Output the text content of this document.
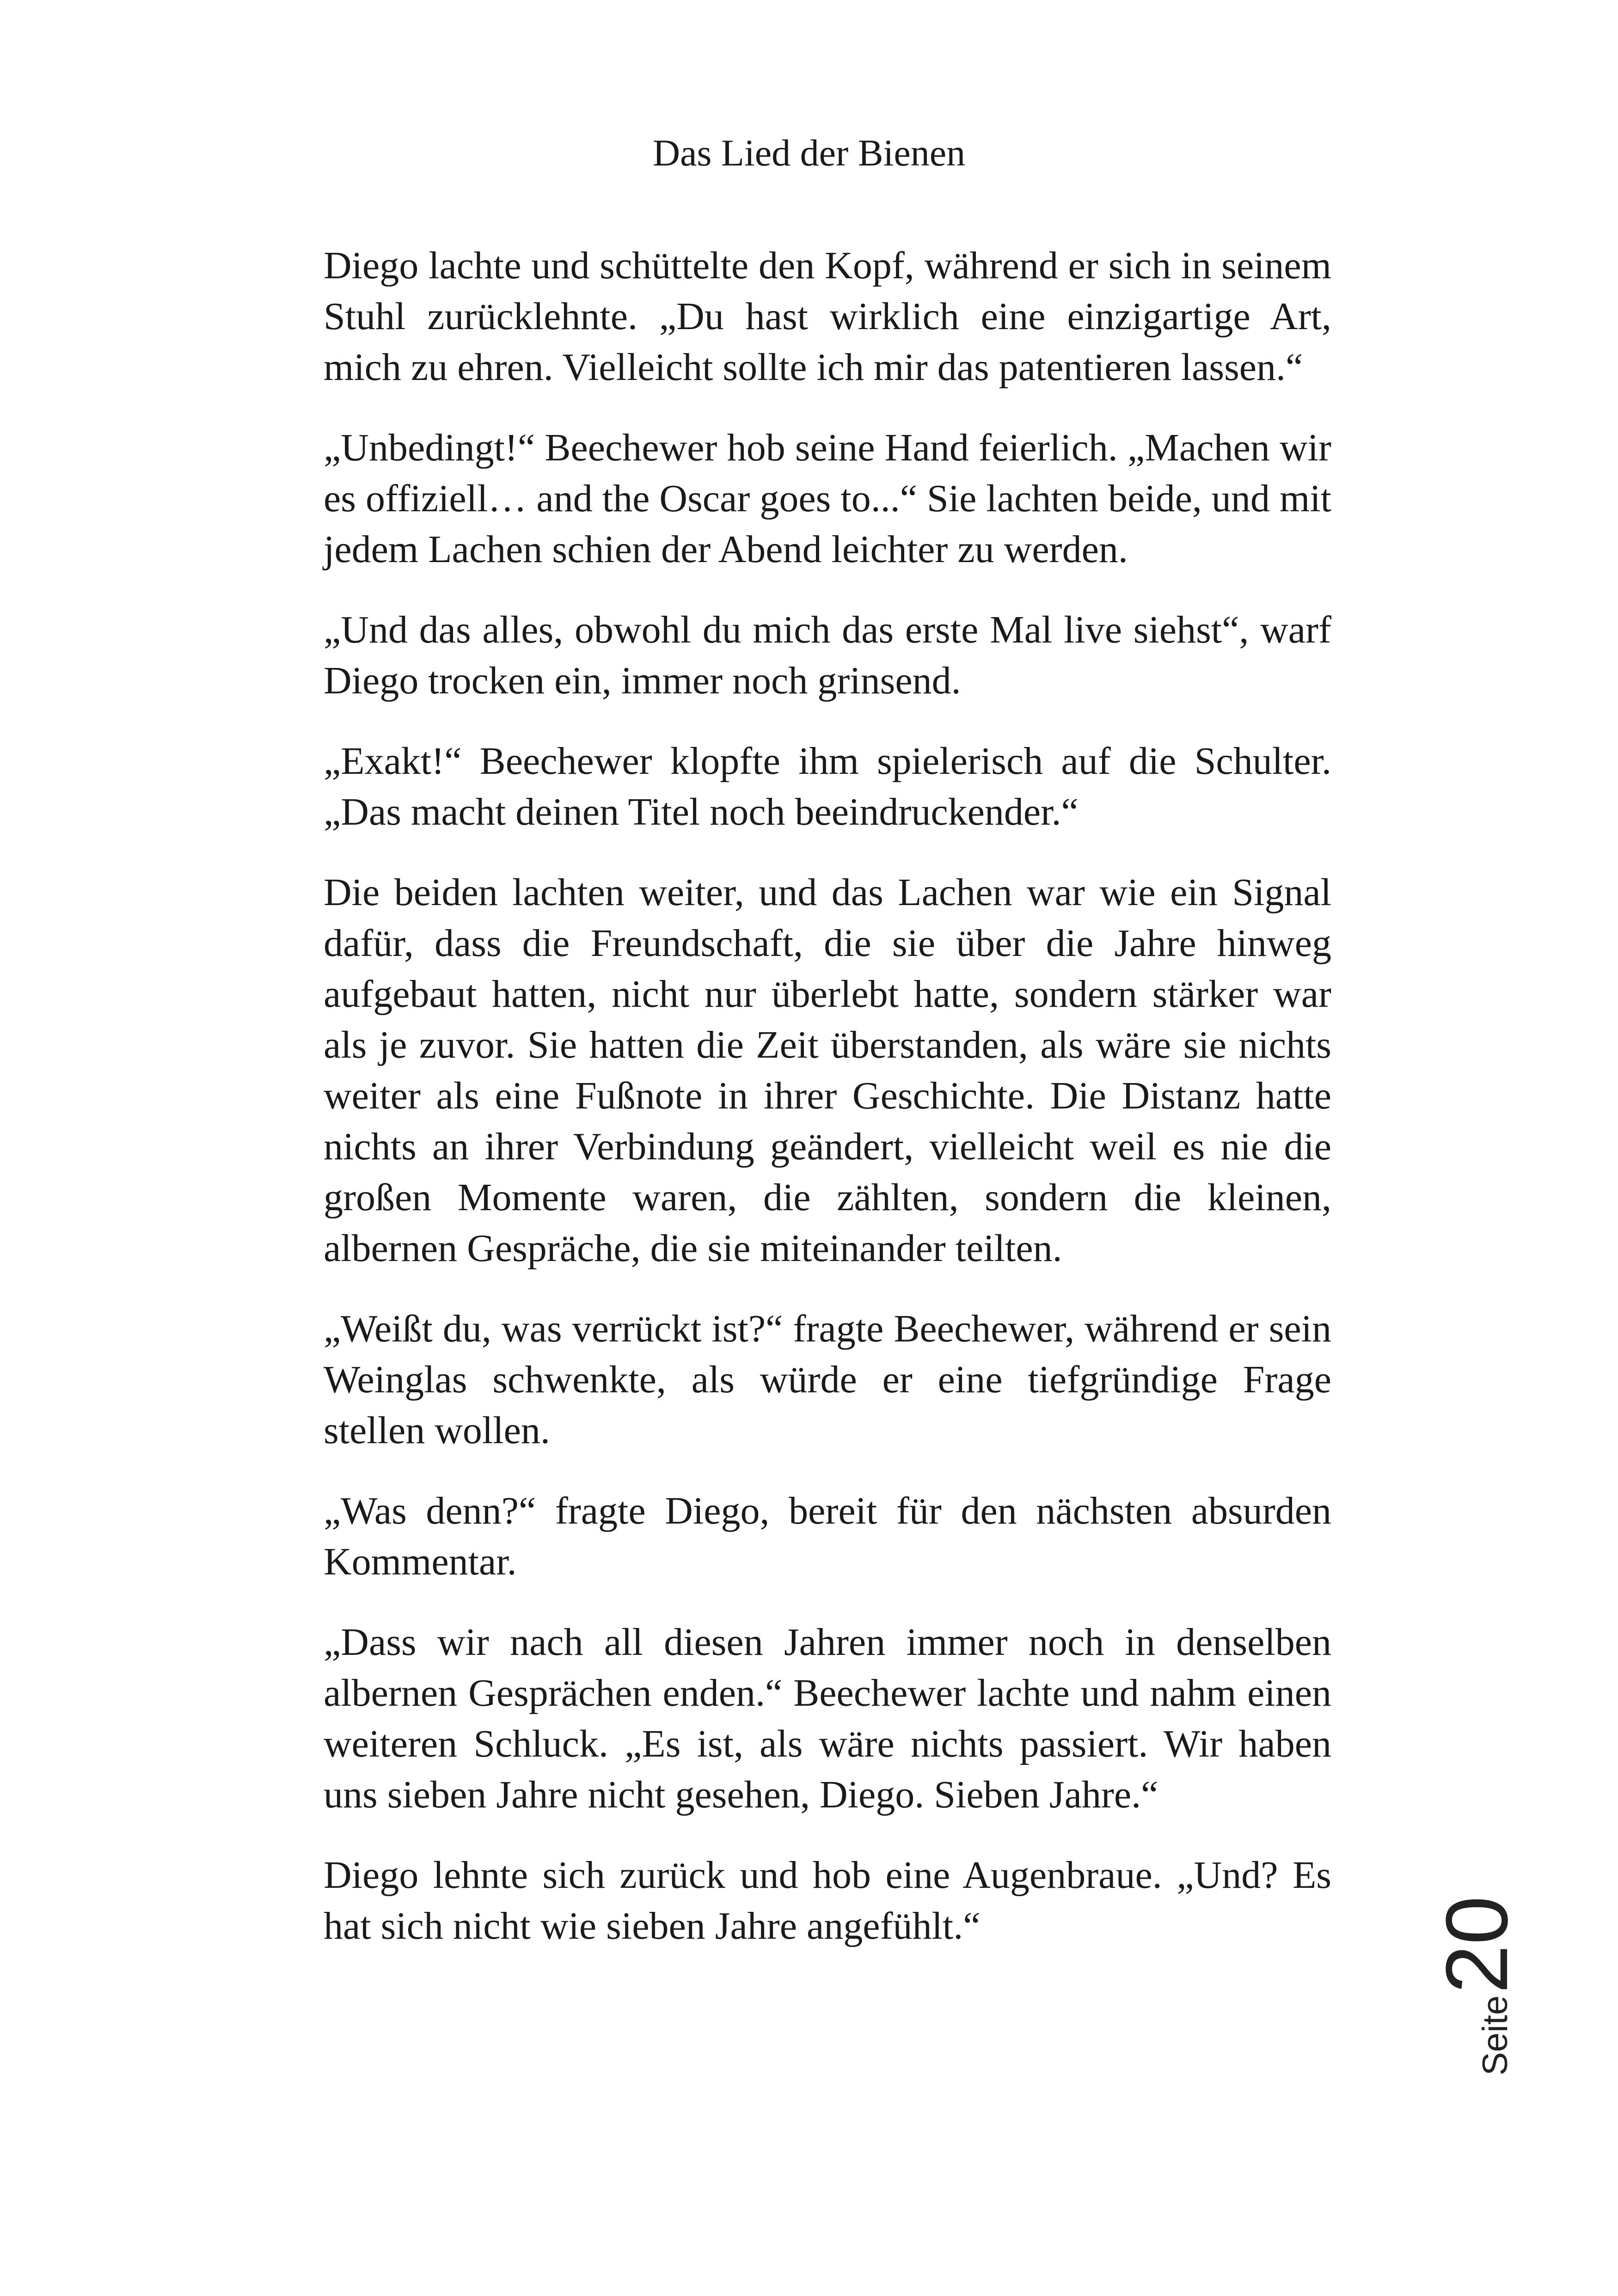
Das Lied der Bienen

Diego lachte und schüttelte den Kopf, während er sich in seinem Stuhl zurücklehnte. „Du hast wirklich eine einzigartige Art, mich zu ehren. Vielleicht sollte ich mir das patentieren lassen.“

„Unbedingt!“ Beechewer hob seine Hand feierlich. „Machen wir es offiziell… and the Oscar goes to...“ Sie lachten beide, und mit jedem Lachen schien der Abend leichter zu werden.

„Und das alles, obwohl du mich das erste Mal live siehst“, warf Diego trocken ein, immer noch grinsend.

„Exakt!“ Beechewer klopfte ihm spielerisch auf die Schulter. „Das macht deinen Titel noch beeindruckender.“

Die beiden lachten weiter, und das Lachen war wie ein Signal dafür, dass die Freundschaft, die sie über die Jahre hinweg aufgebaut hatten, nicht nur überlebt hatte, sondern stärker war als je zuvor. Sie hatten die Zeit überstanden, als wäre sie nichts weiter als eine Fußnote in ihrer Geschichte. Die Distanz hatte nichts an ihrer Verbindung geändert, vielleicht weil es nie die großen Momente waren, die zählten, sondern die kleinen, albernen Gespräche, die sie miteinander teilten.

„Weißt du, was verrückt ist?“ fragte Beechewer, während er sein Weinglas schwenkte, als würde er eine tiefgründige Frage stellen wollen.

„Was denn?“ fragte Diego, bereit für den nächsten absurden Kommentar.

„Dass wir nach all diesen Jahren immer noch in denselben albernen Gesprächen enden.“ Beechewer lachte und nahm einen weiteren Schluck. „Es ist, als wäre nichts passiert. Wir haben uns sieben Jahre nicht gesehen, Diego. Sieben Jahre.“

Diego lehnte sich zurück und hob eine Augenbraue. „Und? Es hat sich nicht wie sieben Jahre angefühlt.“

Seite
20
